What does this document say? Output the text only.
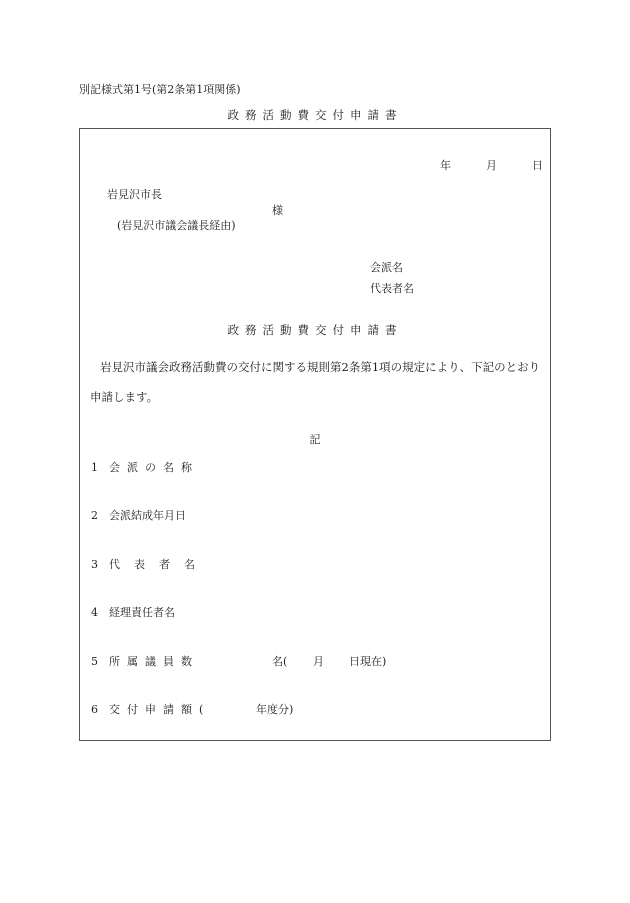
別記様式第1号(第2条第1項関係)
政務活動費交付申請書
年	月	日
岩見沢市長
様
(岩見沢市議会議長経由)
会派名
代表者名
政務活動費交付申請書
岩見沢市議会政務活動費の交付に関する規則第2条第1項の規定により、下記のとおり申請します。
記
1 会派の名称
2 会派結成年月日
3 代表者名
4 経理責任者名
5 所属議員数	名( 月 日現在)
6 交付申請額(	年度分)
